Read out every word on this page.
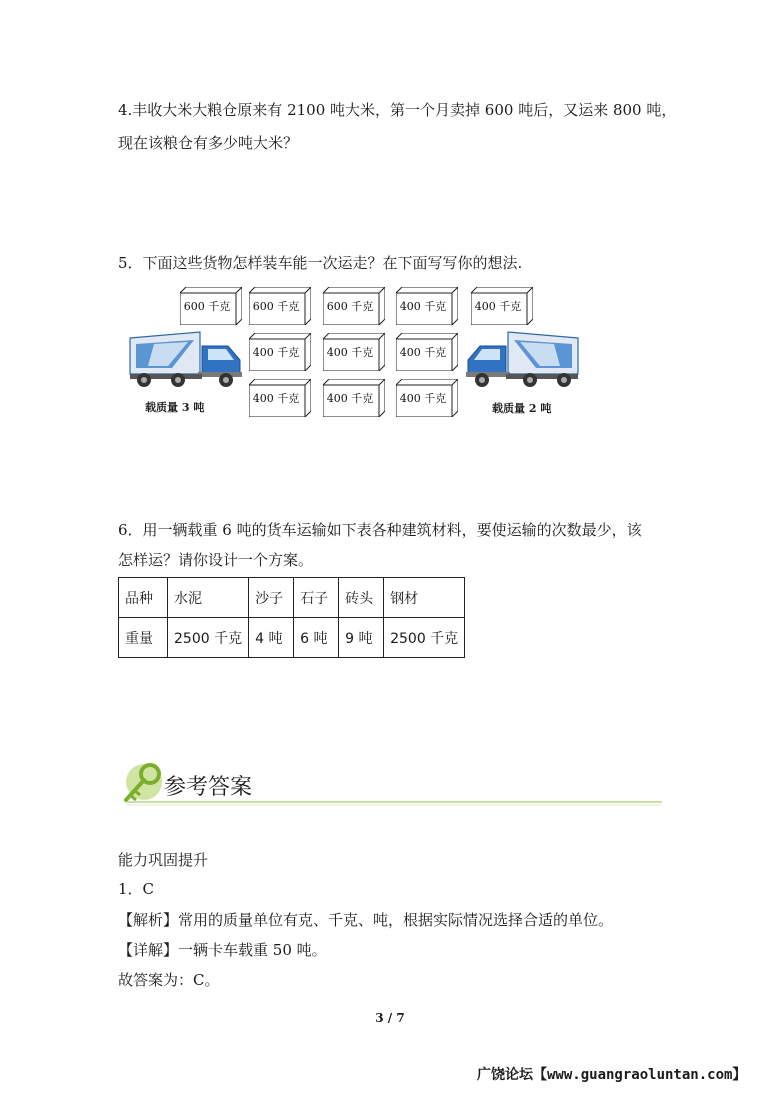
4.丰收大米大粮仓原来有 2100 吨大米，第一个月卖掉 600 吨后，又运来 800 吨，
现在该粮仓有多少吨大米？
5．下面这些货物怎样装车能一次运走？在下面写写你的想法.
载质量 3 吨
600 千克 600 千克	600 千克 400 千克	400 千克
400 千克	400 千克 400 千克
400 千克	400 千克 400 千克
载质量 2 吨
6．用一辆载重 6 吨的货车运输如下表各种建筑材料，要使运输的次数最少，该
怎样运？请你设计一个方案。
品种	水泥	沙子	石子	砖头	钢材
重量	2500 千克	4 吨	6 吨	9 吨	2500 千克
参考答案
能力巩固提升
1．C
【解析】常用的质量单位有克、千克、吨，根据实际情况选择合适的单位。
【详解】一辆卡车载重 50 吨。
故答案为：C。
3 / 7
广饶论坛【www.guangraoluntan.com】
